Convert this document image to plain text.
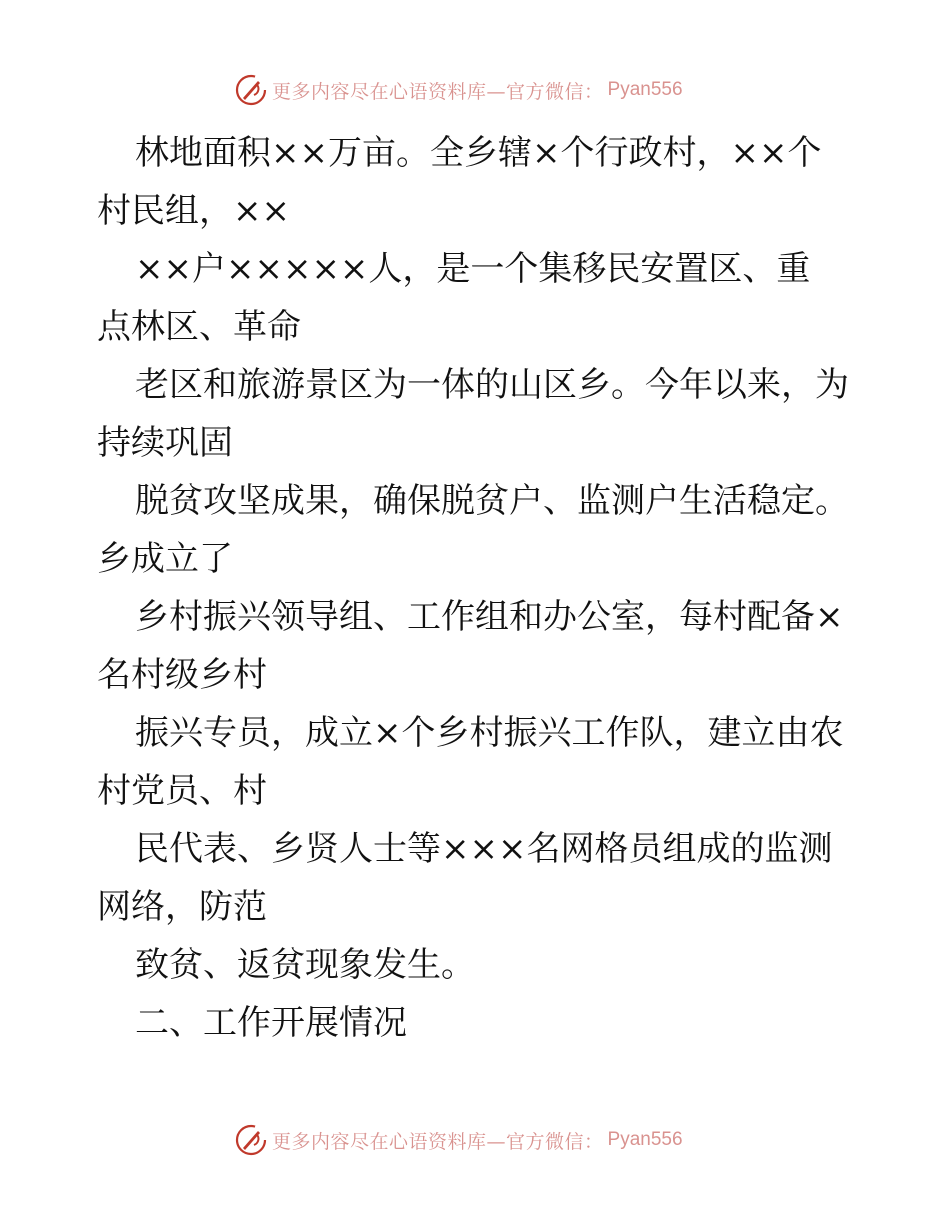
更多内容尽在心语资料库—官方微信： Pyan556

林地面积××万亩。全乡辖×个行政村，××个

村民组，××

××户×××××人，是一个集移民安置区、重

点林区、革命

老区和旅游景区为一体的山区乡。今年以来，为

持续巩固

脱贫攻坚成果，确保脱贫户、监测户生活稳定。

乡成立了

乡村振兴领导组、工作组和办公室，每村配备×

名村级乡村

振兴专员，成立×个乡村振兴工作队，建立由农

村党员、村

民代表、乡贤人士等×××名网格员组成的监测

网络，防范

致贫、返贫现象发生。

二、工作开展情况

更多内容尽在心语资料库—官方微信： Pyan556
